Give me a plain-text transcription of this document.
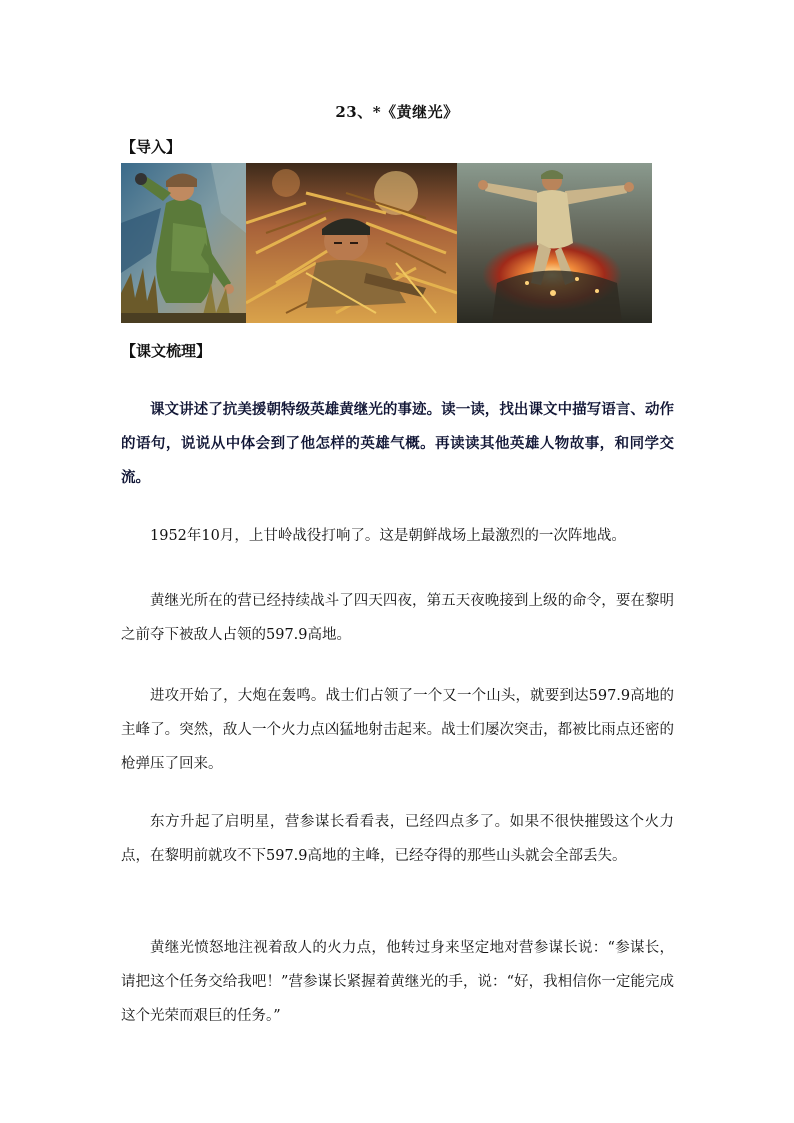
23、*《黄继光》
【导入】
【课文梳理】

课文讲述了抗美援朝特级英雄黄继光的事迹。读一读，找出课文中描写语言、动作的语句，说说从中体会到了他怎样的英雄气概。再读读其他英雄人物故事，和同学交流。

1952年10月，上甘岭战役打响了。这是朝鲜战场上最激烈的一次阵地战。

黄继光所在的营已经持续战斗了四天四夜，第五天夜晚接到上级的命令，要在黎明之前夺下被敌人占领的597.9高地。

进攻开始了，大炮在轰鸣。战士们占领了一个又一个山头，就要到达597.9高地的主峰了。突然，敌人一个火力点凶猛地射击起来。战士们屡次突击，都被比雨点还密的枪弹压了回来。

东方升起了启明星，营参谋长看看表，已经四点多了。如果不很快摧毁这个火力点，在黎明前就攻不下597.9高地的主峰，已经夺得的那些山头就会全部丢失。

黄继光愤怒地注视着敌人的火力点，他转过身来坚定地对营参谋长说：“参谋长，请把这个任务交给我吧！”营参谋长紧握着黄继光的手，说：“好，我相信你一定能完成这个光荣而艰巨的任务。”
